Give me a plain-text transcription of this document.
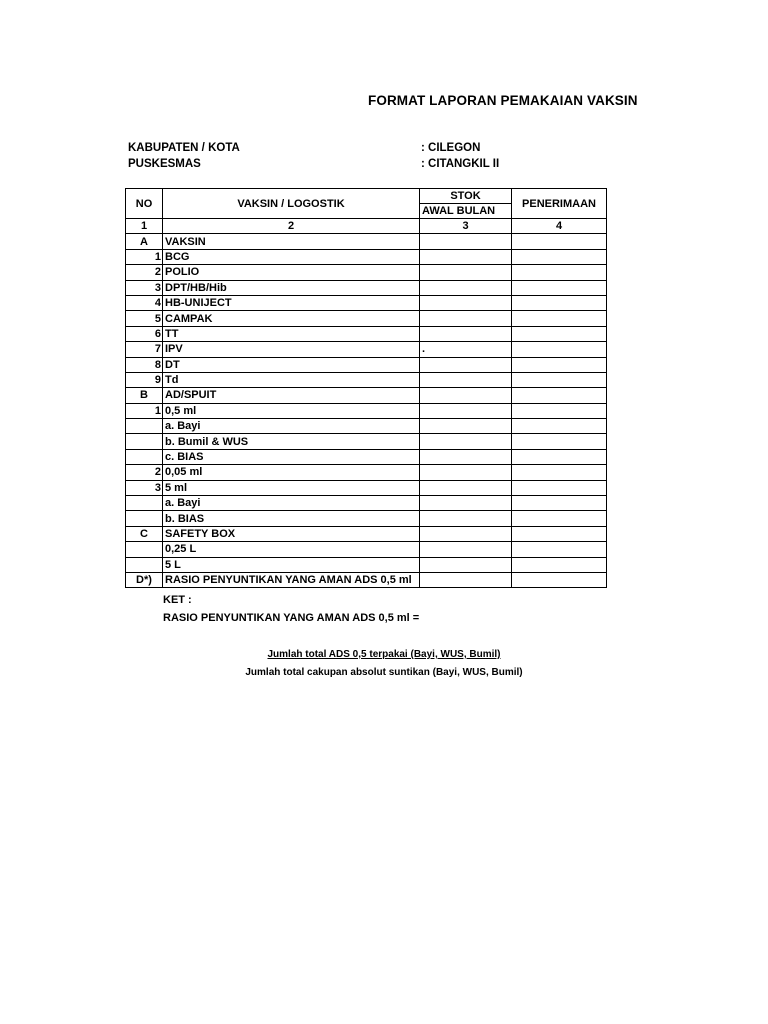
FORMAT LAPORAN PEMAKAIAN VAKSIN
KABUPATEN / KOTA	: CILEGON
PUSKESMAS	: CITANGKIL II
NO	VAKSIN / LOGOSTIK	STOK	PENERIMAAN
		AWAL BULAN	
1	2	3	4
A	VAKSIN		
1	BCG		
2	POLIO		
3	DPT/HB/Hib		
4	HB-UNIJECT		
5	CAMPAK		
6	TT		
7	IPV	.	
8	DT		
9	Td		
B	AD/SPUIT		
1	0,5 ml		
	a. Bayi		
	b. Bumil & WUS		
	c. BIAS		
2	0,05 ml		
3	5 ml		
	a. Bayi		
	b. BIAS		
C	SAFETY BOX		
	0,25 L		
	5 L		
D*)	RASIO PENYUNTIKAN YANG AMAN ADS 0,5 ml		
KET :
RASIO PENYUNTIKAN YANG AMAN ADS 0,5 ml =
Jumlah total ADS 0,5 terpakai (Bayi, WUS, Bumil)
Jumlah total cakupan absolut suntikan (Bayi, WUS, Bumil)
